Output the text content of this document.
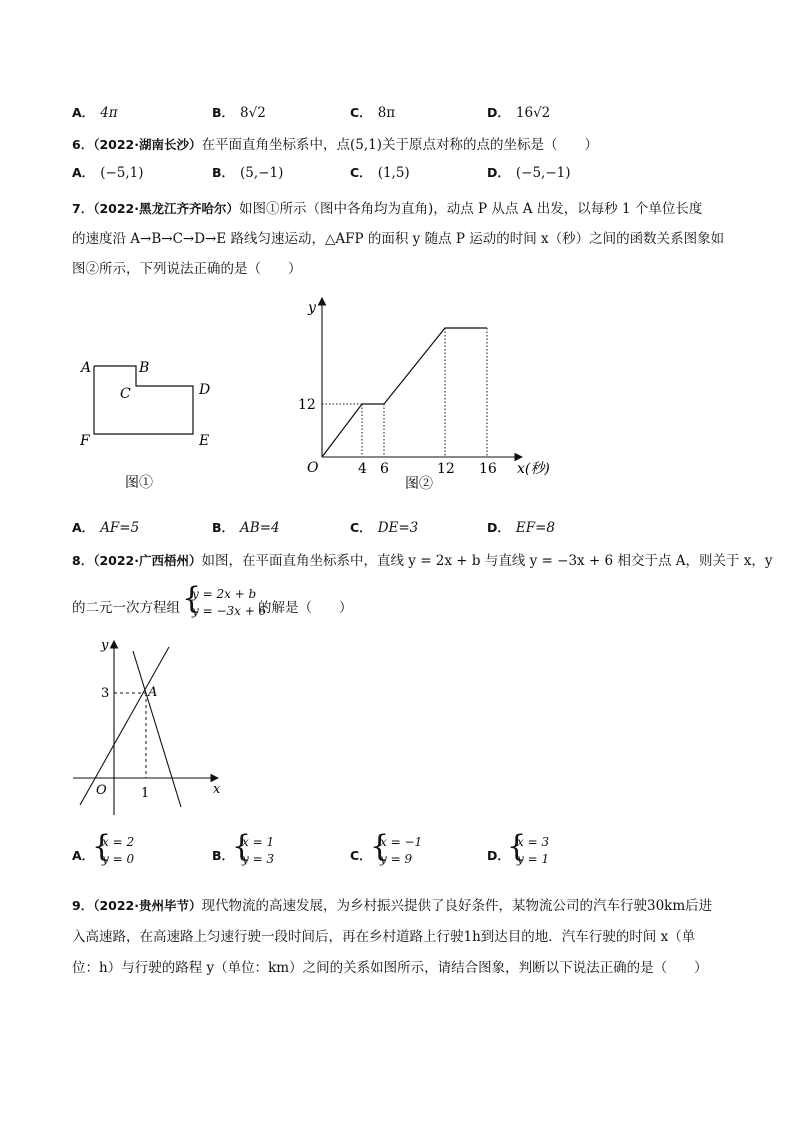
A． 4π	B． 8√2	C． 8π	D． 16√2
6．（2022·湖南长沙）在平面直角坐标系中，点(5,1)关于原点对称的点的坐标是（　　）
A． (−5,1)	B． (5,−1)	C． (1,5)	D． (−5,−1)
7．（2022·黑龙江齐齐哈尔）如图①所示（图中各角均为直角)，动点 P 从点 A 出发，以每秒 1 个单位长度
的速度沿 A→B→C→D→E 路线匀速运动，△AFP 的面积 y 随点 P 运动的时间 x（秒）之间的函数关系图象如
图②所示，下列说法正确的是（　　）
A	B
C	D
E
F
图①
y
O
12
4 6	12 16 x(秒)
图②
A． AF=5	B． AB=4	C． DE=3	D． EF=8
8．（2022·广西梧州）如图，在平面直角坐标系中，直线 y = 2x + b 与直线 y = −3x + 6 相交于点 A，则关于 x，y
的二元一次方程组 {
y = 2x + b
y = −3x + 6
的解是（　　）
y
x
O
3
1
A
A．
{
x = 2
y = 0	B．
{
x = 1
y = 3	C．
{
x = −1
y = 9	D．
{
x = 3
y = 1
9．（2022·贵州毕节）现代物流的高速发展，为乡村振兴提供了良好条件，某物流公司的汽车行驶30km后进
入高速路，在高速路上匀速行驶一段时间后，再在乡村道路上行驶1h到达目的地．汽车行驶的时间 x（单
位：h）与行驶的路程 y（单位：km）之间的关系如图所示，请结合图象，判断以下说法正确的是（　　）
